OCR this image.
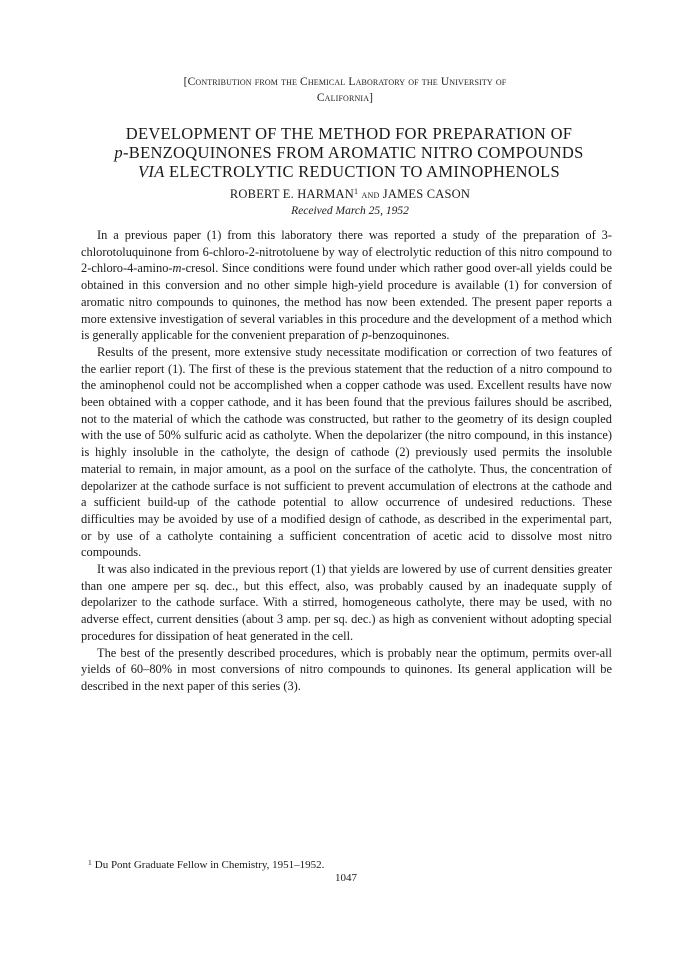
[Contribution from the Chemical Laboratory of the University of
California]
DEVELOPMENT OF THE METHOD FOR PREPARATION OF
p-BENZOQUINONES FROM AROMATIC NITRO COMPOUNDS
VIA ELECTROLYTIC REDUCTION TO AMINOPHENOLS
ROBERT E. HARMAN$^1$ and JAMES CASON
Received March 25, 1952

In a previous paper (1) from this laboratory there was reported a study of the preparation of 3-chlorotoluquinone from 6-chloro-2-nitrotoluene by way of electrolytic reduction of this nitro compound to 2-chloro-4-amino-m-cresol. Since conditions were found under which rather good over-all yields could be obtained in this conversion and no other simple high-yield procedure is available (1) for conversion of aromatic nitro compounds to quinones, the method has now been extended. The present paper reports a more extensive investigation of several variables in this procedure and the development of a method which is generally applicable for the convenient preparation of p-benzoquinones.

Results of the present, more extensive study necessitate modification or correction of two features of the earlier report (1). The first of these is the previous statement that the reduction of a nitro compound to the aminophenol could not be accomplished when a copper cathode was used. Excellent results have now been obtained with a copper cathode, and it has been found that the previous failures should be ascribed, not to the material of which the cathode was constructed, but rather to the geometry of its design coupled with the use of 50% sulfuric acid as catholyte. When the depolarizer (the nitro compound, in this instance) is highly insoluble in the catholyte, the design of cathode (2) previously used permits the insoluble material to remain, in major amount, as a pool on the surface of the catholyte. Thus, the concentration of depolarizer at the cathode surface is not sufficient to prevent accumulation of electrons at the cathode and a sufficient build-up of the cathode potential to allow occurrence of undesired reductions. These difficulties may be avoided by use of a modified design of cathode, as described in the experimental part, or by use of a catholyte containing a sufficient concentration of acetic acid to dissolve most nitro compounds.

It was also indicated in the previous report (1) that yields are lowered by use of current densities greater than one ampere per sq. dec., but this effect, also, was probably caused by an inadequate supply of depolarizer to the cathode surface. With a stirred, homogeneous catholyte, there may be used, with no adverse effect, current densities (about 3 amp. per sq. dec.) as high as convenient without adopting special procedures for dissipation of heat generated in the cell.

The best of the presently described procedures, which is probably near the optimum, permits over-all yields of 60–80% in most conversions of nitro compounds to quinones. Its general application will be described in the next paper of this series (3).

$^1$ Du Pont Graduate Fellow in Chemistry, 1951–1952.
1047
